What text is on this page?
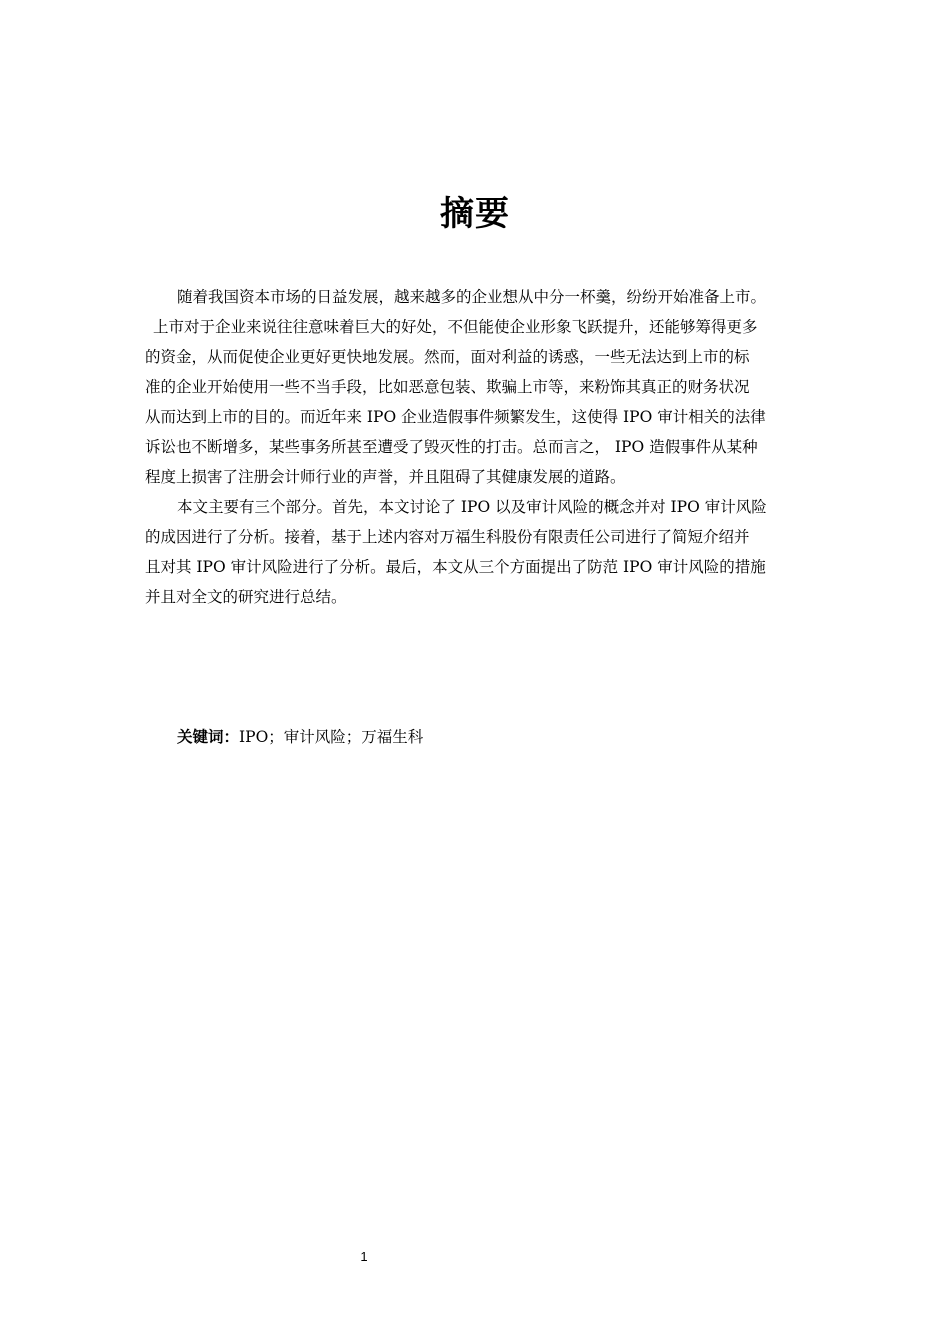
摘要
随着我国资本市场的日益发展，越来越多的企业想从中分一杯羹，纷纷开始准备上市。
上市对于企业来说往往意味着巨大的好处，不但能使企业形象飞跃提升，还能够筹得更多
的资金，从而促使企业更好更快地发展。然而，面对利益的诱惑，一些无法达到上市的标
准的企业开始使用一些不当手段，比如恶意包装、欺骗上市等，来粉饰其真正的财务状况
从而达到上市的目的。而近年来 IPO 企业造假事件频繁发生，这使得 IPO 审计相关的法律
诉讼也不断增多，某些事务所甚至遭受了毁灭性的打击。总而言之， IPO 造假事件从某种
程度上损害了注册会计师行业的声誉，并且阻碍了其健康发展的道路。
本文主要有三个部分。首先，本文讨论了 IPO 以及审计风险的概念并对 IPO 审计风险
的成因进行了分析。接着，基于上述内容对万福生科股份有限责任公司进行了简短介绍并
且对其 IPO 审计风险进行了分析。最后，本文从三个方面提出了防范 IPO 审计风险的措施
并且对全文的研究进行总结。
关键词：IPO；审计风险；万福生科
1
